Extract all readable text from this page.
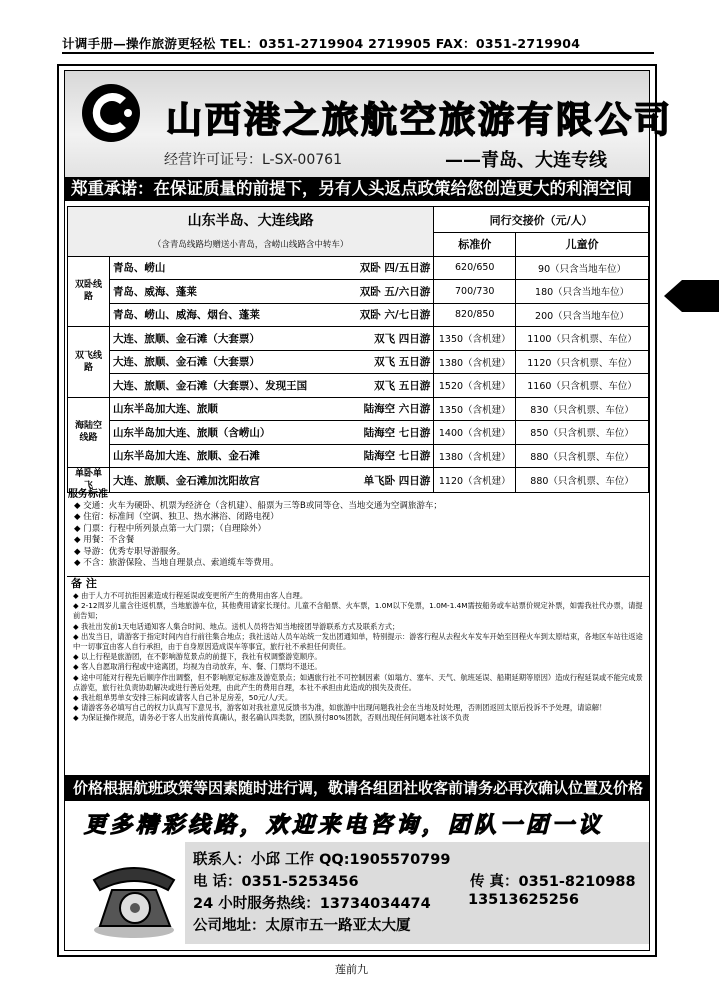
计调手册—操作旅游更轻松 TEL：0351-2719904 2719905 FAX：0351-2719904
山西港之旅航空旅游有限公司
经营许可证号：L-SX-00761	——青岛、大连专线
郑重承诺：在保证质量的前提下，另有人头返点政策给您创造更大的利润空间
山东半岛、大连线路		同行交接价（元/人）	
（含青岛线路均赠送小青岛，含崂山线路含中转车）		标准价	儿童价
双卧线路	青岛、崂山 双卧 四/五日游	620/650	90（只含当地车位）

	青岛、威海、蓬莱 双卧 五/六日游	700/730	180（只含当地车位）

	青岛、崂山、威海、烟台、蓬莱 双卧 六/七日游	820/850	200（只含当地车位）
双飞线路	大连、旅顺、金石滩（大套票） 双飞 四日游	1350（含机建）	1100（只含机票、车位）

	大连、旅顺、金石滩（大套票） 双飞 五日游	1380（含机建）	1120（只含机票、车位）

	大连、旅顺、金石滩（大套票）、发现王国 双飞 五日游	1520（含机建）	1160（只含机票、车位）
海陆空线路	山东半岛加大连、旅顺 陆海空 六日游	1350（含机建）	830（只含机票、车位）

	山东半岛加大连、旅顺（含崂山） 陆海空 七日游	1400（含机建）	850（只含机票、车位）

	山东半岛加大连、旅顺、金石滩 陆海空 七日游	1380（含机建）	880（只含机票、车位）
单卧单飞	大连、旅顺、金石滩加沈阳故宫 单飞卧 四日游	1120（含机建）	880（只含机票、车位）
服务标准
◆ 交通：火车为硬卧、机票为经济仓（含机建）、船票为三等B或同等仓、当地交通为空调旅游车；
◆ 住宿：标准间（空调、独卫、热水淋浴、闭路电视）
◆ 门票：行程中所列景点第一大门票；（自理除外）
◆ 用餐：不含餐
◆ 导游：优秀专职导游服务。
◆ 不含：旅游保险、当地自理景点、索道缆车等费用。
备 注
◆ 由于人力不可抗拒因素造成行程延误或变更所产生的费用由客人自理。
◆ 2-12周岁儿童含往返机票，当地旅游车位，其他费用请家长现付。儿童不含船票、火车票，1.0M以下免票，1.0M-1.4M需按船务或车站票价规定补票，如需我社代办票，请提前告知；
◆ 我社出发前1天电话通知客人集合时间、地点。送机人员将告知当地接团导游联系方式及联系方式；
◆ 出发当日，请游客于指定时间内自行前往集合地点；我社送站人员车站统一发出团通知单，特别提示：游客行程从去程火车发车开始至回程火车到太原结束，各地区车站往返途中一切事宜由客人自行承担，由于自身原因造成误车等事宜，旅行社不承担任何责任。
◆ 以上行程是旅游团，在不影响游览景点的前提下，我社有权调整游览顺序。
◆ 客人自愿取消行程或中途离团，均视为自动放弃，车、餐、门票均不退还。
◆ 途中可能对行程先后顺序作出调整，但不影响原定标准及游览景点；如遇旅行社不可控制因素（如塌方、塞车、天气、航班延误、船期延期等原因）造成行程延误或不能完成景点游览，旅行社负责协助解决或进行善后处理，由此产生的费用自理，本社不承担由此造成的损失及责任。
◆ 我社组单男单女安排三标间或请客人自己补足房差，50元/人/天。
◆ 请游客务必填写自己的权力认真写下意见书，游客如对我社意见反馈书为准，如旅游中出现问题我社会在当地及时处理，否则团返回太原后投诉不予处理，请谅解！
◆ 为保证操作规范，请务必于客人出发前传真确认，报名确认四类款，团队预付80%团款，否则出现任何问题本社该不负责
价格根据航班政策等因素随时进行调，敬请各组团社收客前请务必再次确认位置及价格
更多精彩线路，欢迎来电咨询，团队一团一议
联系人：小邱 工作 QQ:1905570799
电 话：0351-5253456	传 真：0351-8210988
24 小时服务热线：13734034474	13513625256
公司地址：太原市五一路亚太大厦
莲前九
